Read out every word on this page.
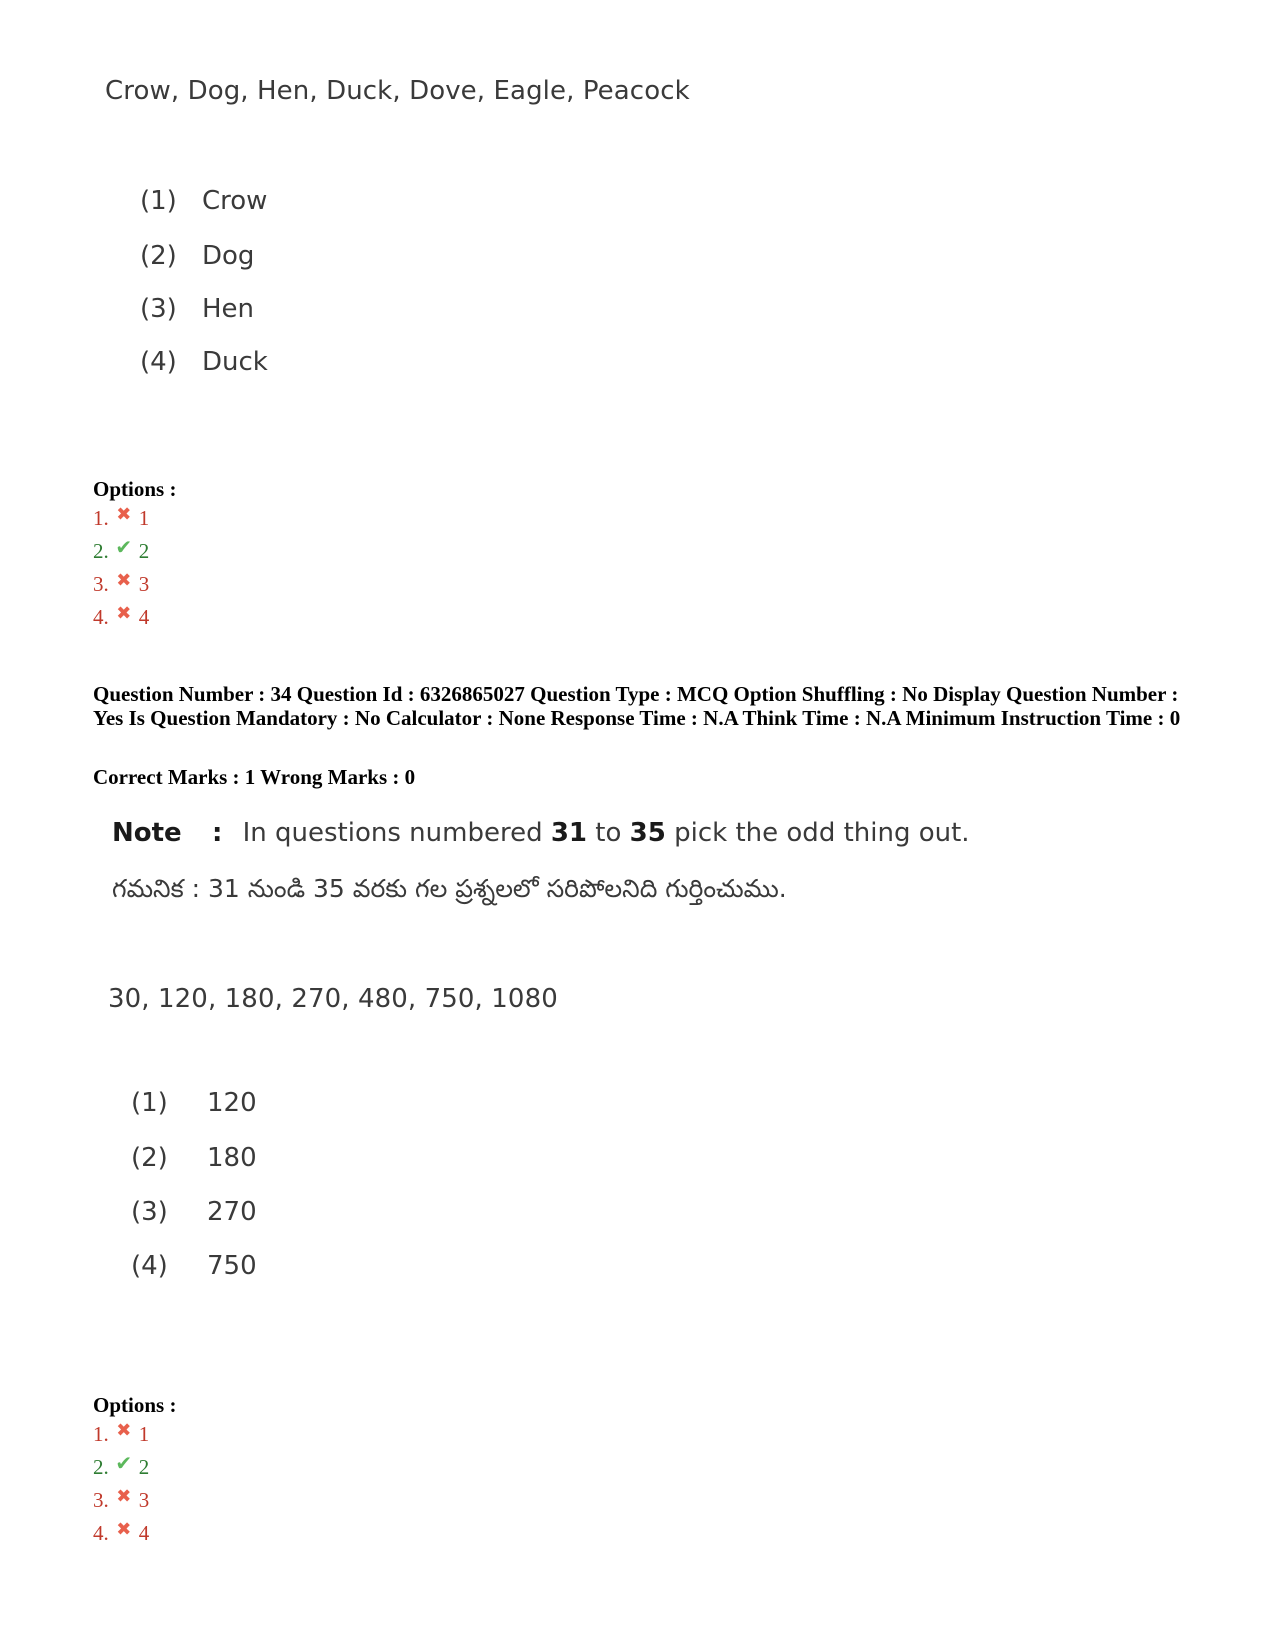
Crow, Dog, Hen, Duck, Dove, Eagle, Peacock
(1) Crow
(2) Dog
(3) Hen
(4) Duck

Options :

1. ✖ 1
2. ✔ 2
3. ✖ 3
4. ✖ 4
Question Number : 34 Question Id : 6326865027 Question Type : MCQ Option Shuffling : No Display Question Number : Yes Is Question Mandatory : No Calculator : None Response Time : N.A Think Time : N.A Minimum Instruction Time : 0
Correct Marks : 1 Wrong Marks : 0
Note : In questions numbered 31 to 35 pick the odd thing out.
గమనిక : 31 నుండి 35 వరకు గల ప్రశ్నలలో సరిపోలనిది గుర్తించుము.
30, 120, 180, 270, 480, 750, 1080
(1) 120
(2) 180
(3) 270
(4) 750

Options :

1. ✖ 1
2. ✔ 2
3. ✖ 3
4. ✖ 4
